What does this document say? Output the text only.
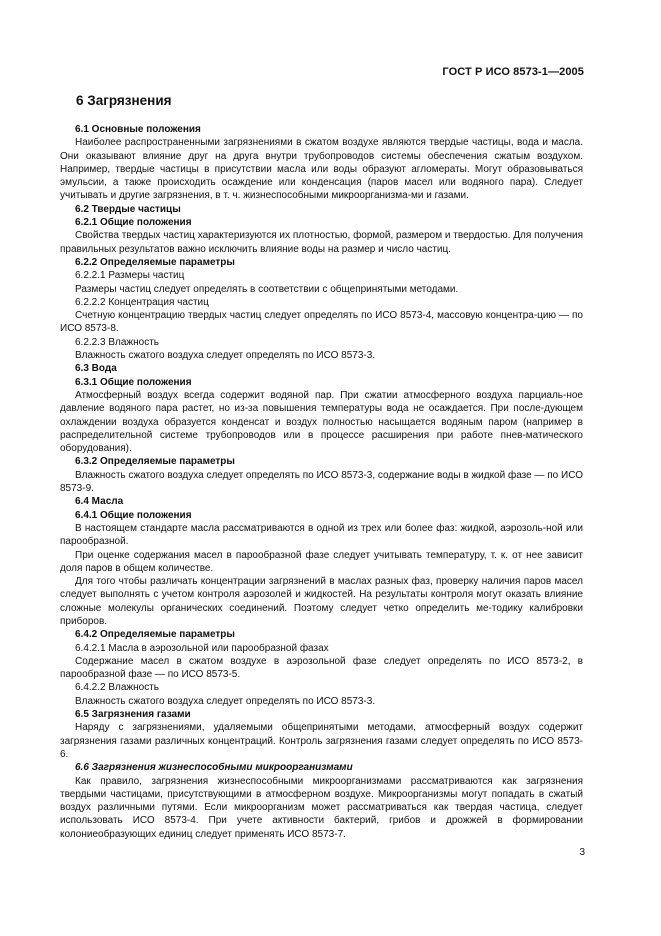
ГОСТ Р ИСО 8573-1—2005
6 Загрязнения

6.1 Основные положения

Наиболее распространенными загрязнениями в сжатом воздухе являются твердые частицы, вода и масла. Они оказывают влияние друг на друга внутри трубопроводов системы обеспечения сжатым воздухом. Например, твердые частицы в присутствии масла или воды образуют агломераты. Могут образовываться эмульсии, а также происходить осаждение или конденсация (паров масел или водяного пара). Следует учитывать и другие загрязнения, в т. ч. жизнеспособными микроорганизма-ми и газами.

6.2 Твердые частицы

6.2.1 Общие положения

Свойства твердых частиц характеризуются их плотностью, формой, размером и твердостью. Для получения правильных результатов важно исключить влияние воды на размер и число частиц.

6.2.2 Определяемые параметры

6.2.2.1 Размеры частиц

Размеры частиц следует определять в соответствии с общепринятыми методами.

6.2.2.2 Концентрация частиц

Счетную концентрацию твердых частиц следует определять по ИСО 8573-4, массовую концентра-цию — по ИСО 8573-8.

6.2.2.3 Влажность

Влажность сжатого воздуха следует определять по ИСО 8573-3.

6.3 Вода

6.3.1 Общие положения

Атмосферный воздух всегда содержит водяной пар. При сжатии атмосферного воздуха парциаль-ное давление водяного пара растет, но из-за повышения температуры вода не осаждается. При после-дующем охлаждении воздуха образуется конденсат и воздух полностью насыщается водяным паром (например в распределительной системе трубопроводов или в процессе расширения при работе пнев-матического оборудования).

6.3.2 Определяемые параметры

Влажность сжатого воздуха следует определять по ИСО 8573-3, содержание воды в жидкой фазе — по ИСО 8573-9.

6.4 Масла

6.4.1 Общие положения

В настоящем стандарте масла рассматриваются в одной из трех или более фаз: жидкой, аэрозоль-ной или парообразной.

При оценке содержания масел в парообразной фазе следует учитывать температуру, т. к. от нее зависит доля паров в общем количестве.

Для того чтобы различать концентрации загрязнений в маслах разных фаз, проверку наличия паров масел следует выполнять с учетом контроля аэрозолей и жидкостей. На результаты контроля могут оказать влияние сложные молекулы органических соединений. Поэтому следует четко определить ме-тодику калибровки приборов.

6.4.2 Определяемые параметры

6.4.2.1 Масла в аэрозольной или парообразной фазах

Содержание масел в сжатом воздухе в аэрозольной фазе следует определять по ИСО 8573-2, в парообразной фазе — по ИСО 8573-5.

6.4.2.2 Влажность

Влажность сжатого воздуха следует определять по ИСО 8573-3.

6.5 Загрязнения газами

Наряду с загрязнениями, удаляемыми общепринятыми методами, атмосферный воздух содержит загрязнения газами различных концентраций. Контроль загрязнения газами следует определять по ИСО 8573-6.

6.6 Загрязнения жизнеспособными микроорганизмами

Как правило, загрязнения жизнеспособными микроорганизмами рассматриваются как загрязнения твердыми частицами, присутствующими в атмосферном воздухе. Микроорганизмы могут попадать в сжатый воздух различными путями. Если микроорганизм может рассматриваться как твердая частица, следует использовать ИСО 8573-4. При учете активности бактерий, грибов и дрожжей в формировании колониеобразующих единиц следует применять ИСО 8573-7.

3
